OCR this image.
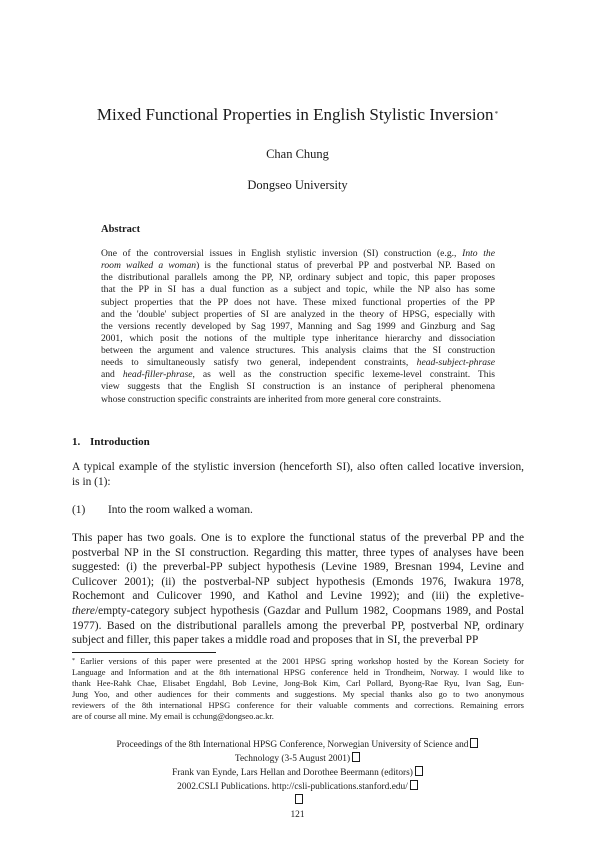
Mixed Functional Properties in English Stylistic Inversion*
Chan Chung
Dongseo University
Abstract
One of the controversial issues in English stylistic inversion (SI) construction (e.g., Into the
room walked a woman) is the functional status of preverbal PP and postverbal NP. Based on
the distributional parallels among the PP, NP, ordinary subject and topic, this paper proposes
that the PP in SI has a dual function as a subject and topic, while the NP also has some
subject properties that the PP does not have. These mixed functional properties of the PP
and the 'double' subject properties of SI are analyzed in the theory of HPSG, especially with
the versions recently developed by Sag 1997, Manning and Sag 1999 and Ginzburg and Sag
2001, which posit the notions of the multiple type inheritance hierarchy and dissociation
between the argument and valence structures. This analysis claims that the SI construction
needs to simultaneously satisfy two general, independent constraints, head-subject-phrase
and head-filler-phrase, as well as the construction specific lexeme-level constraint. This
view suggests that the English SI construction is an instance of peripheral phenomena
whose construction specific constraints are inherited from more general core constraints.
1. Introduction
A typical example of the stylistic inversion (henceforth SI), also often called locative inversion,
is in (1):
(1) Into the room walked a woman.
This paper has two goals. One is to explore the functional status of the preverbal PP and the
postverbal NP in the SI construction. Regarding this matter, three types of analyses have been
suggested: (i) the preverbal-PP subject hypothesis (Levine 1989, Bresnan 1994, Levine and
Culicover 2001); (ii) the postverbal-NP subject hypothesis (Emonds 1976, Iwakura 1978,
Rochemont and Culicover 1990, and Kathol and Levine 1992); and (iii) the expletive-
there/empty-category subject hypothesis (Gazdar and Pullum 1982, Coopmans 1989, and Postal
1977). Based on the distributional parallels among the preverbal PP, postverbal NP, ordinary
subject and filler, this paper takes a middle road and proposes that in SI, the preverbal PP
* Earlier versions of this paper were presented at the 2001 HPSG spring workshop hosted by the Korean Society for
Language and Information and at the 8th international HPSG conference held in Trondheim, Norway. I would like to
thank Hee-Rahk Chae, Elisabet Engdahl, Bob Levine, Jong-Bok Kim, Carl Pollard, Byong-Rae Ryu, Ivan Sag, Eun-
Jung Yoo, and other audiences for their comments and suggestions. My special thanks also go to two anonymous
reviewers of the 8th international HPSG conference for their valuable comments and corrections. Remaining errors
are of course all mine. My email is cchung@dongseo.ac.kr.
Proceedings of the 8th International HPSG Conference, Norwegian University of Science and
Technology (3-5 August 2001)
Frank van Eynde, Lars Hellan and Dorothee Beermann (editors)
2002.CSLI Publications. http://csli-publications.stanford.edu/
121
